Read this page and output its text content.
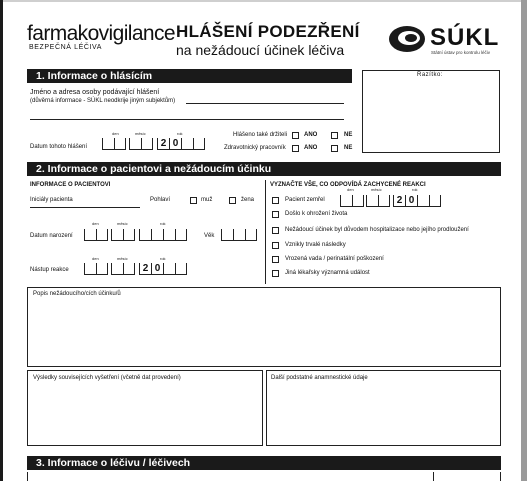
farmakovigilance
BEZPEČNÁ LÉČIVA
HLÁŠENÍ PODEZŘENÍ
na nežádoucí účinek léčiva	SÚKL
Státní ústav pro kontrolu léčiv
1. Informace o hlásícím	Razítko:
Jméno a adresa osoby podávající hlášení
(důvěrná informace - SÚKL neodkrije jiným subjektům)
Datum tohoto hlášení
den	měsíc	rok
2 0
Hlášeno také držiteli	ANO	NE
Zdravotnický pracovník	ANO	NE
2. Informace o pacientovi a nežádoucím účinku
INFORMACE O PACIENTOVI
Iniciály pacienta	Pohlaví	muž	žena
Datum narození
den	měsíc	rok
Věk
Nástup reakce
den	měsíc	rok
2 0
VYZNAČTE VŠE, CO ODPOVÍDÁ ZACHYCENÉ REAKCI
Pacient zemřel
den	měsíc	rok
2 0
Došlo k ohrožení života
Nežádoucí účinek byl důvodem hospitalizace nebo jejího prodloužení
Vznikly trvalé následky
Vrozená vada / perinatální poškození
Jiná lékařsky významná událost
Popis nežádoucího/cích účinku/ů
Výsledky souvisejících vyšetření (včetně dat provedení)	Další podstatné anamnestické údaje
3. Informace o léčivu / léčivech
